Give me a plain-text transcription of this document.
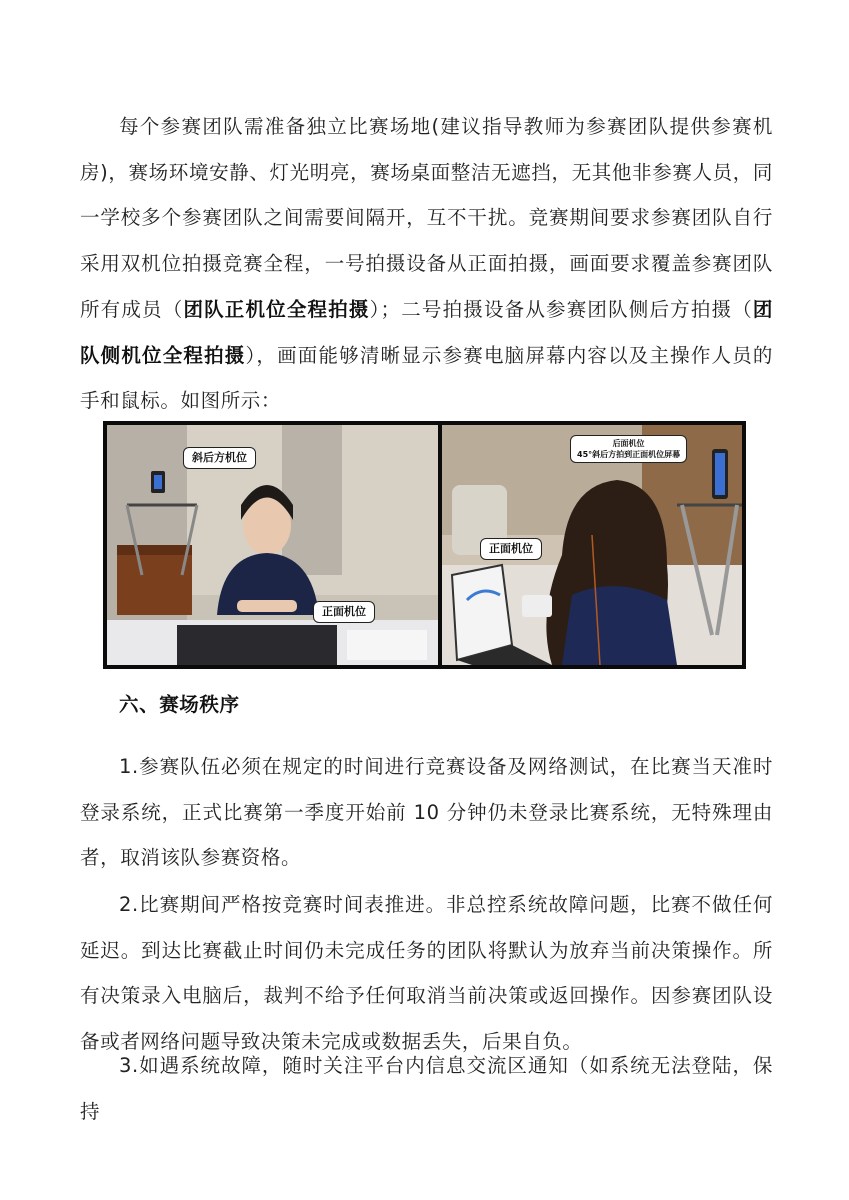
每个参赛团队需准备独立比赛场地(建议指导教师为参赛团队提供参赛机房)，赛场环境安静、灯光明亮，赛场桌面整洁无遮挡，无其他非参赛人员，同一学校多个参赛团队之间需要间隔开，互不干扰。竞赛期间要求参赛团队自行采用双机位拍摄竞赛全程，一号拍摄设备从正面拍摄，画面要求覆盖参赛团队所有成员（团队正机位全程拍摄）；二号拍摄设备从参赛团队侧后方拍摄（团队侧机位全程拍摄），画面能够清晰显示参赛电脑屏幕内容以及主操作人员的手和鼠标。如图所示：

斜后方机位
正面机位
正面机位
后面机位
45°斜后方拍到正面机位屏幕
六、赛场秩序

1.参赛队伍必须在规定的时间进行竞赛设备及网络测试，在比赛当天准时登录系统，正式比赛第一季度开始前 10 分钟仍未登录比赛系统，无特殊理由者，取消该队参赛资格。

2.比赛期间严格按竞赛时间表推进。非总控系统故障问题，比赛不做任何延迟。到达比赛截止时间仍未完成任务的团队将默认为放弃当前决策操作。所有决策录入电脑后，裁判不给予任何取消当前决策或返回操作。因参赛团队设备或者网络问题导致决策未完成或数据丢失，后果自负。

3.如遇系统故障，随时关注平台内信息交流区通知（如系统无法登陆，保持
